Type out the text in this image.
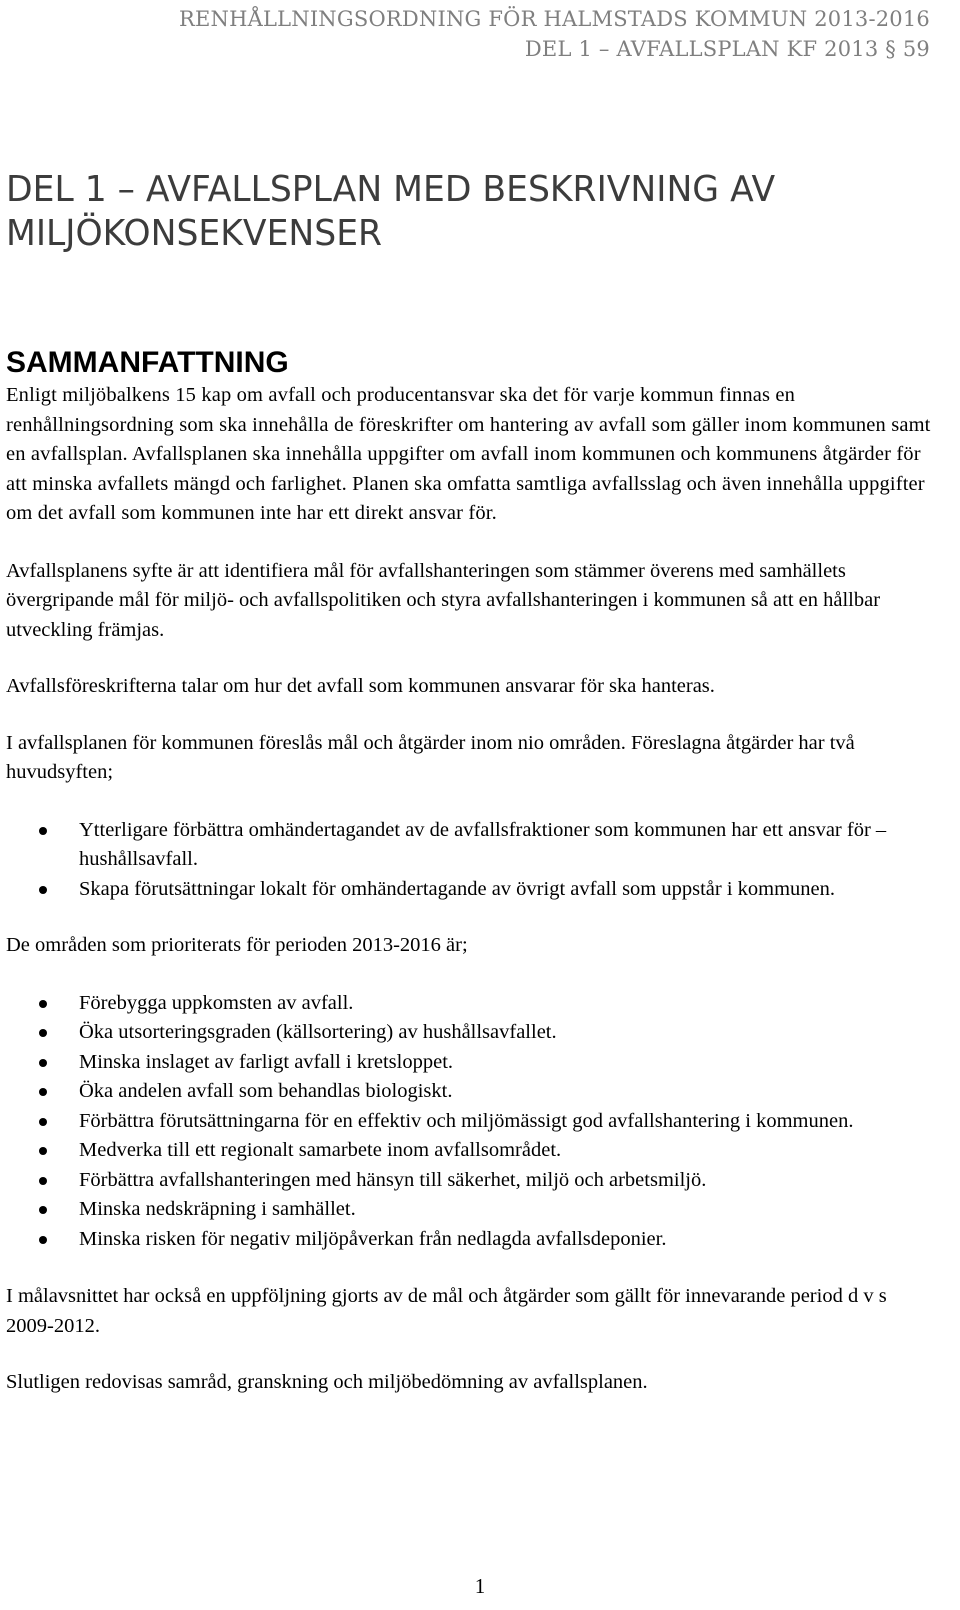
RENHÅLLNINGSORDNING FÖR HALMSTADS KOMMUN 2013-2016
DEL 1 – AVFALLSPLAN KF 2013 § 59
DEL 1 – AVFALLSPLAN MED BESKRIVNING AV
MILJÖKONSEKVENSER
SAMMANFATTNING

Enligt miljöbalkens 15 kap om avfall och producentansvar ska det för varje kommun finnas en renhållningsordning som ska innehålla de föreskrifter om hantering av avfall som gäller inom kommunen samt en avfallsplan. Avfallsplanen ska innehålla uppgifter om avfall inom kommunen och kommunens åtgärder för att minska avfallets mängd och farlighet. Planen ska omfatta samtliga avfallsslag och även innehålla uppgifter om det avfall som kommunen inte har ett direkt ansvar för.

Avfallsplanens syfte är att identifiera mål för avfallshanteringen som stämmer överens med samhällets övergripande mål för miljö- och avfallspolitiken och styra avfallshanteringen i kommunen så att en hållbar utveckling främjas.

Avfallsföreskrifterna talar om hur det avfall som kommunen ansvarar för ska hanteras.

I avfallsplanen för kommunen föreslås mål och åtgärder inom nio områden. Föreslagna åtgärder har två huvudsyften;

Ytterligare förbättra omhändertagandet av de avfallsfraktioner som kommunen har ett ansvar för – hushållsavfall.
Skapa förutsättningar lokalt för omhändertagande av övrigt avfall som uppstår i kommunen.

De områden som prioriterats för perioden 2013-2016 är;

Förebygga uppkomsten av avfall.
Öka utsorteringsgraden (källsortering) av hushållsavfallet.
Minska inslaget av farligt avfall i kretsloppet.
Öka andelen avfall som behandlas biologiskt.
Förbättra förutsättningarna för en effektiv och miljömässigt god avfallshantering i kommunen.
Medverka till ett regionalt samarbete inom avfallsområdet.
Förbättra avfallshanteringen med hänsyn till säkerhet, miljö och arbetsmiljö.
Minska nedskräpning i samhället.
Minska risken för negativ miljöpåverkan från nedlagda avfallsdeponier.

I målavsnittet har också en uppföljning gjorts av de mål och åtgärder som gällt för innevarande period d v s 2009-2012.

Slutligen redovisas samråd, granskning och miljöbedömning av avfallsplanen.

1
